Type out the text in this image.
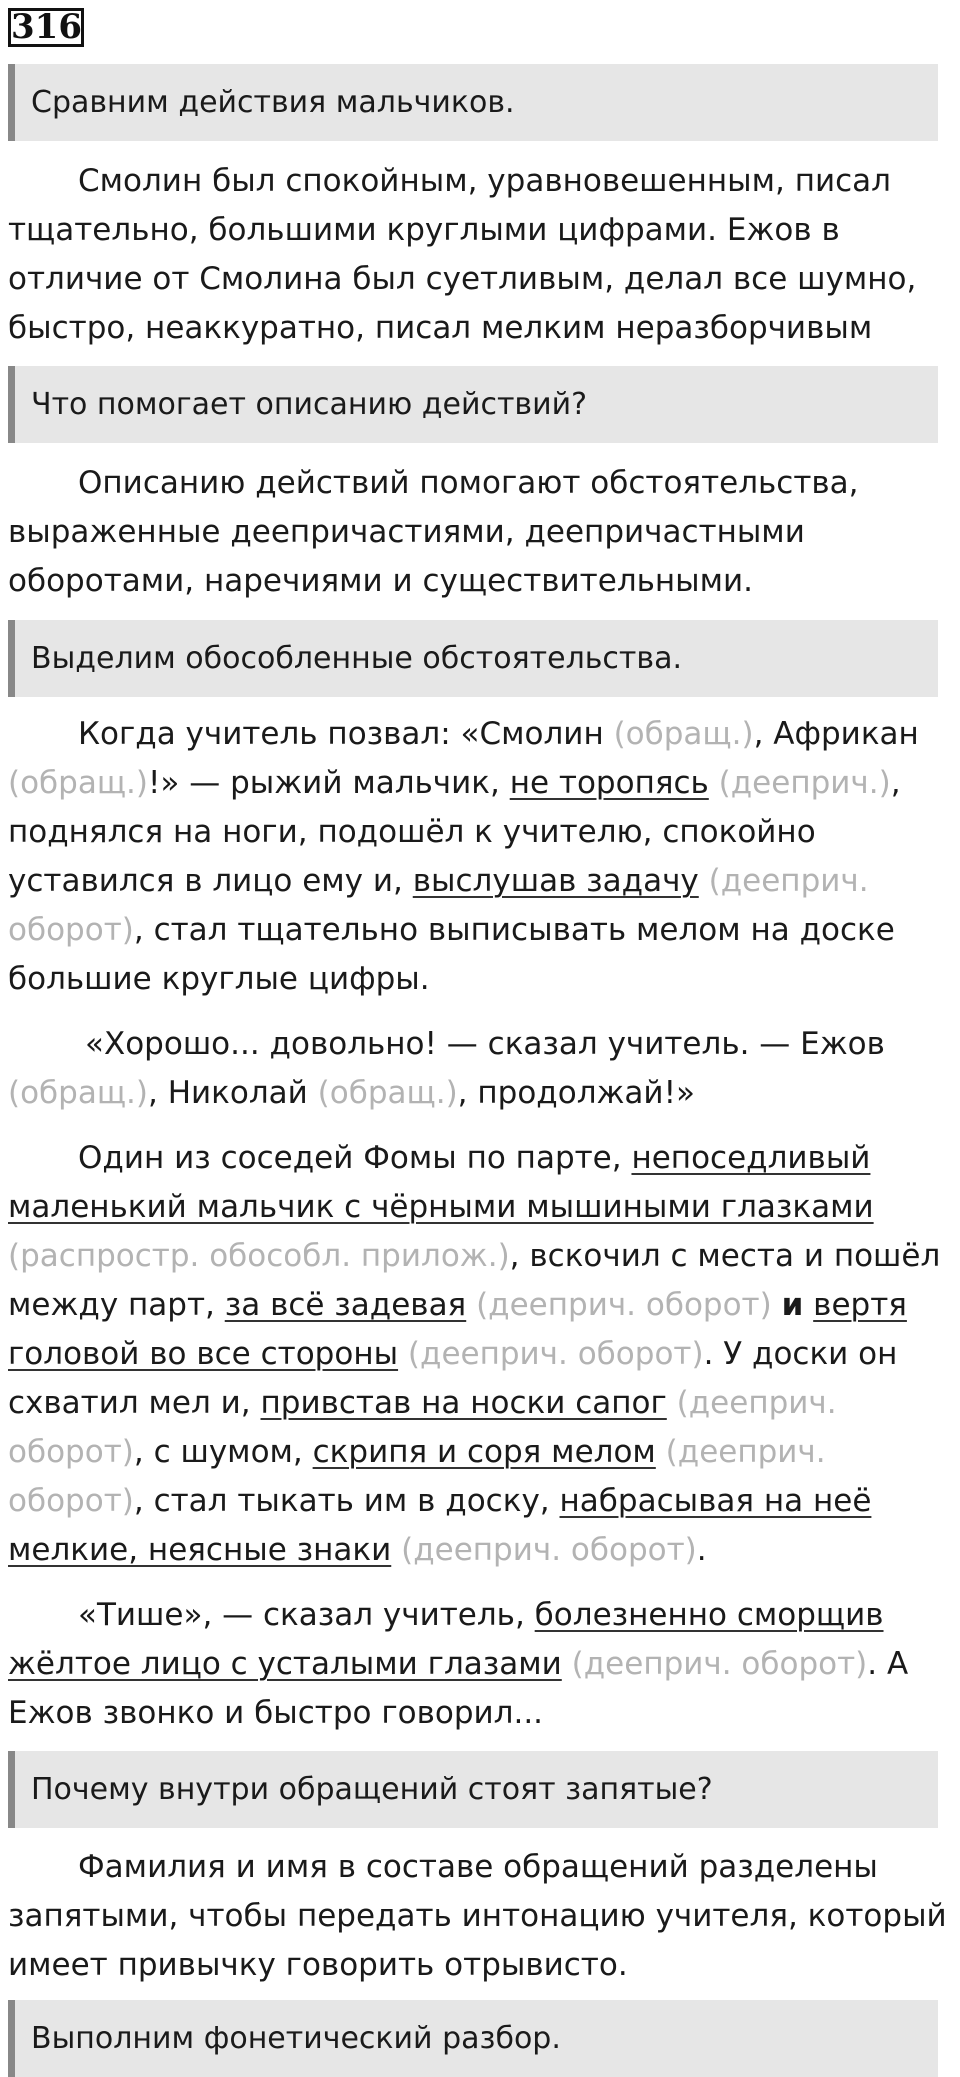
316
Сравним действия мальчиков.

Смолин был спокойным, уравновешенным, писал тщательно, большими круглыми цифрами. Ежов в отличие от Смолина был суетливым, делал все шумно, быстро, неаккуратно, писал мелким неразборчивым

Что помогает описанию действий?

Описанию действий помогают обстоятельства, выраженные деепричастиями, деепричастными оборотами, наречиями и существительными.

Выделим обособленные обстоятельства.

Когда учитель позвал: «Смолин (обращ.), Африкан (обращ.)!» — рыжий мальчик, не торопясь (дееприч.), поднялся на ноги, подошёл к учителю, спокойно уставился в лицо ему и, выслушав задачу (дееприч. оборот), стал тщательно выписывать мелом на доске большие круглые цифры.

«Хорошо... довольно! — сказал учитель. — Ежов (обращ.), Николай (обращ.), продолжай!»

Один из соседей Фомы по парте, непоседливый маленький мальчик с чёрными мышиными глазками (распростр. обособл. прилож.), вскочил с места и пошёл между парт, за всё задевая (дееприч. оборот) и вертя головой во все стороны (дееприч. оборот). У доски он схватил мел и, привстав на носки сапог (дееприч. оборот), с шумом, скрипя и соря мелом (дееприч. оборот), стал тыкать им в доску, набрасывая на неё мелкие, неясные знаки (дееприч. оборот).

«Тише», — сказал учитель, болезненно сморщив жёлтое лицо с усталыми глазами (дееприч. оборот). А Ежов звонко и быстро говорил...

Почему внутри обращений стоят запятые?

Фамилия и имя в составе обращений разделены запятыми, чтобы передать интонацию учителя, который имеет привычку говорить отрывисто.

Выполним фонетический разбор.
